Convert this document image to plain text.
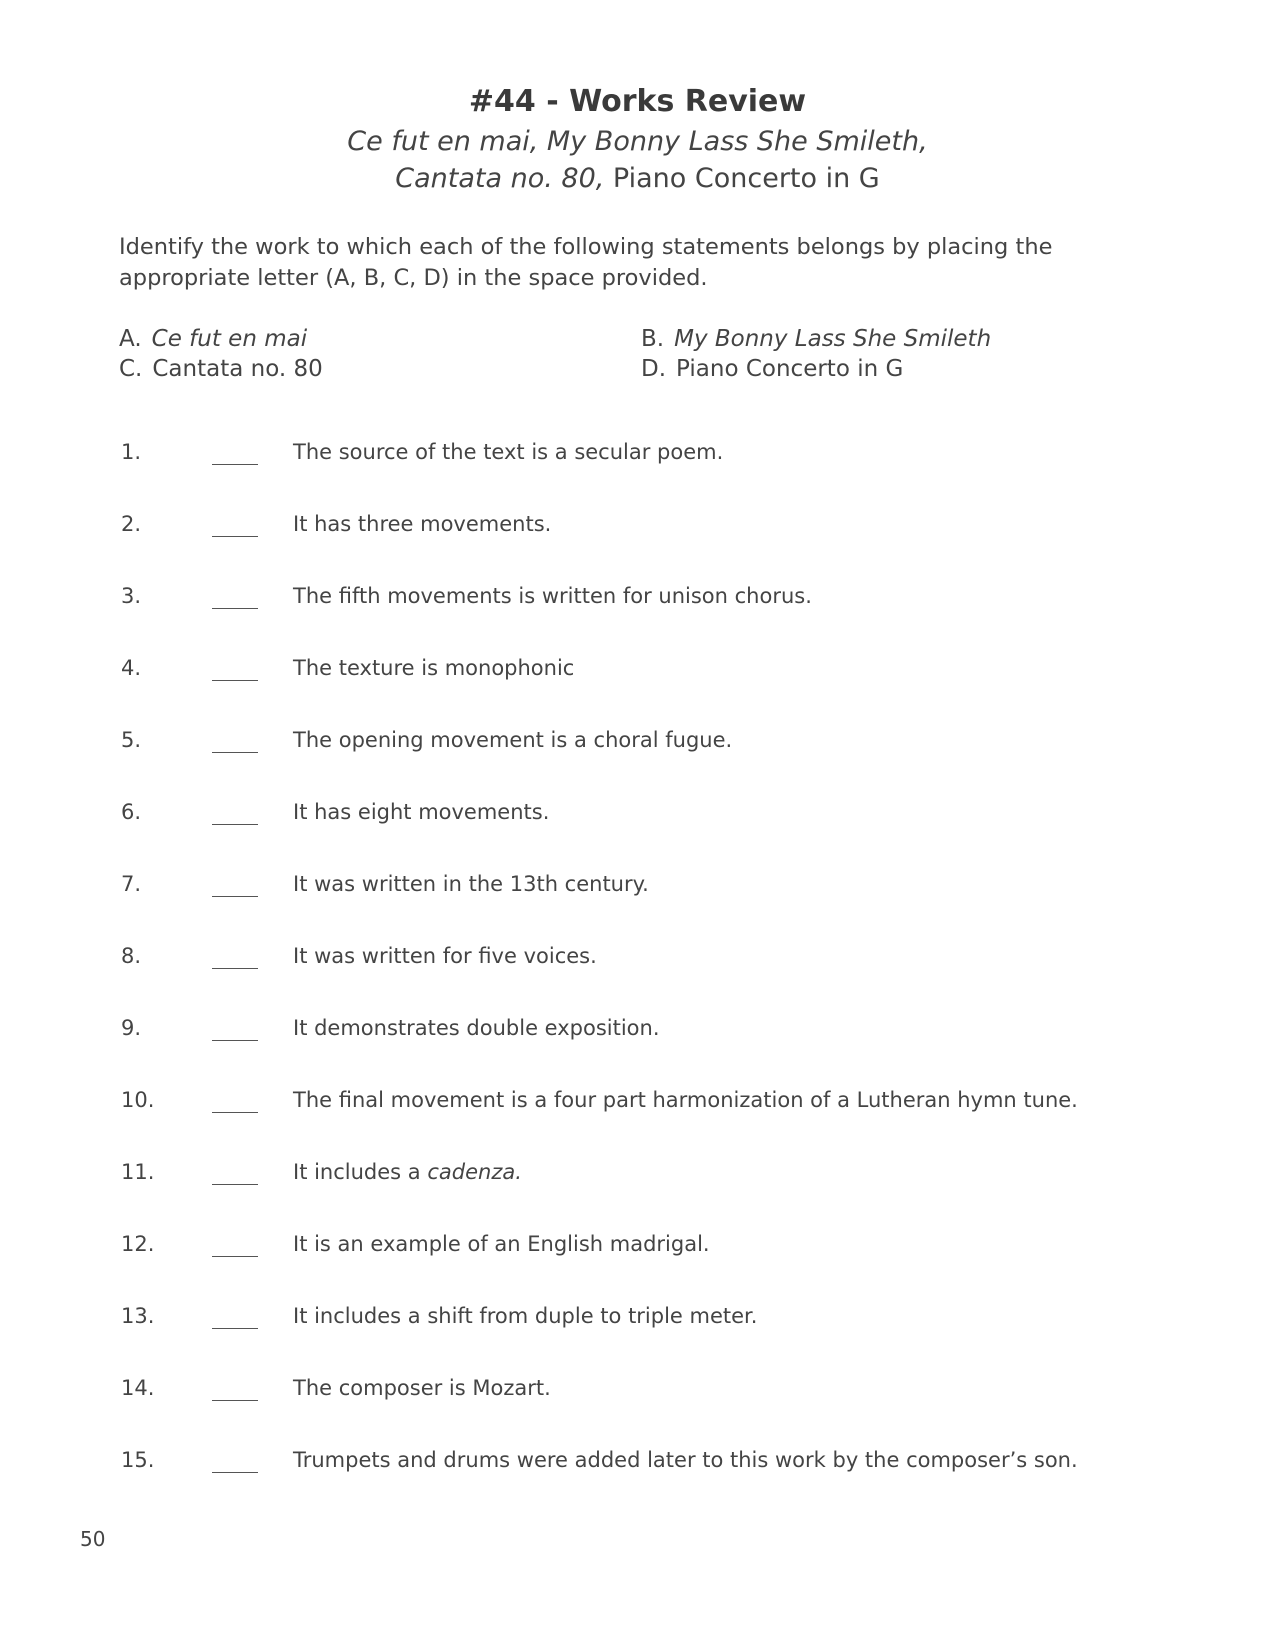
#44 - Works Review
Ce fut en mai, My Bonny Lass She Smileth,
Cantata no. 80, Piano Concerto in G
Identify the work to which each of the following statements belongs by placing the appropriate letter (A, B, C, D) in the space provided.
A. Ce fut en mai	B. My Bonny Lass She Smileth
C. Cantata no. 80	D. Piano Concerto in G
1.	The source of the text is a secular poem.
2.	It has three movements.
3.	The fifth movements is written for unison chorus.
4.	The texture is monophonic
5.	The opening movement is a choral fugue.
6.	It has eight movements.
7.	It was written in the 13th century.
8.	It was written for five voices.
9.	It demonstrates double exposition.
10.	The final movement is a four part harmonization of a Lutheran hymn tune.
11.	It includes a cadenza.
12.	It is an example of an English madrigal.
13.	It includes a shift from duple to triple meter.
14.	The composer is Mozart.
15.	Trumpets and drums were added later to this work by the composer’s son.
50
